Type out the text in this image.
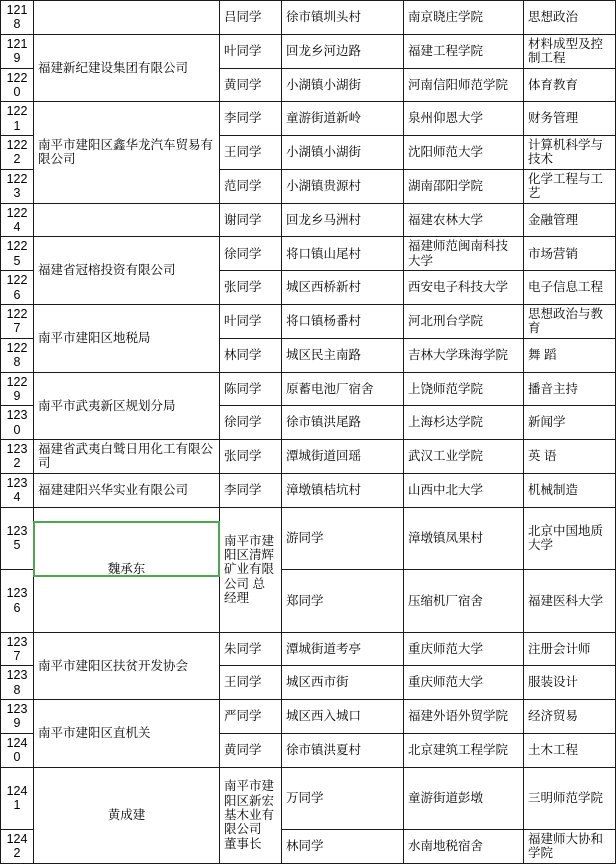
1218		吕同学	徐市镇圳头村	南京晓庄学院	思想政治	
1219	福建新纪建设集团有限公司	叶同学	回龙乡河边路	福建工程学院	材料成型及控制工程	
1220		黄同学	小湖镇小湖街	河南信阳师范学院	体育教育	
1221	南平市建阳区鑫华龙汽车贸易有限公司	李同学	童游街道新岭	泉州仰恩大学	财务管理	
1222		王同学	小湖镇小湖街	沈阳师范大学	计算机科学与技术	
1223		范同学	小湖镇贵源村	湖南邵阳学院	化学工程与工艺	
1224		谢同学	回龙乡马洲村	福建农林大学	金融管理	
1225	福建省冠榕投资有限公司	徐同学	将口镇山尾村	福建师范闽南科技大学	市场营销	
1226		张同学	城区西桥新村	西安电子科技大学	电子信息工程	
1227	南平市建阳区地税局	叶同学	将口镇杨番村	河北刑台学院	思想政治与教育	
1228		林同学	城区民主南路	吉林大学珠海学院	舞 蹈	
1229	南平市武夷新区规划分局	陈同学	原蓄电池厂宿舍	上饶师范学院	播音主持	
1230		徐同学	徐市镇洪尾路	上海杉达学院	新闻学	
1232	福建省武夷白鹫日用化工有限公司	张同学	潭城街道回瑶	武汉工业学院	英 语	
1234	福建建阳兴华实业有限公司	李同学	漳墩镇桔坑村	山西中北大学	机械制造	
1235	魏承东	南平市建阳区清辉矿业有限公司 总经理	游同学	漳墩镇凤果村	北京中国地质大学	
1236			郑同学	压缩机厂宿舍	福建医科大学	
1237	南平市建阳区扶贫开发协会	朱同学	潭城街道考亭	重庆师范大学	注册会计师	
1238		王同学	城区西市街	重庆师范大学	服装设计	
1239	南平市建阳区直机关	严同学	城区西入城口	福建外语外贸学院	经济贸易	
1240		黄同学	徐市镇洪夏村	北京建筑工程学院	土木工程	
1241	黄成建	南平市建阳区新宏基木业有限公司 董事长	万同学	童游街道彭墩	三明师范学院	
1242			林同学	水南地税宿舍	福建师大协和学院	
